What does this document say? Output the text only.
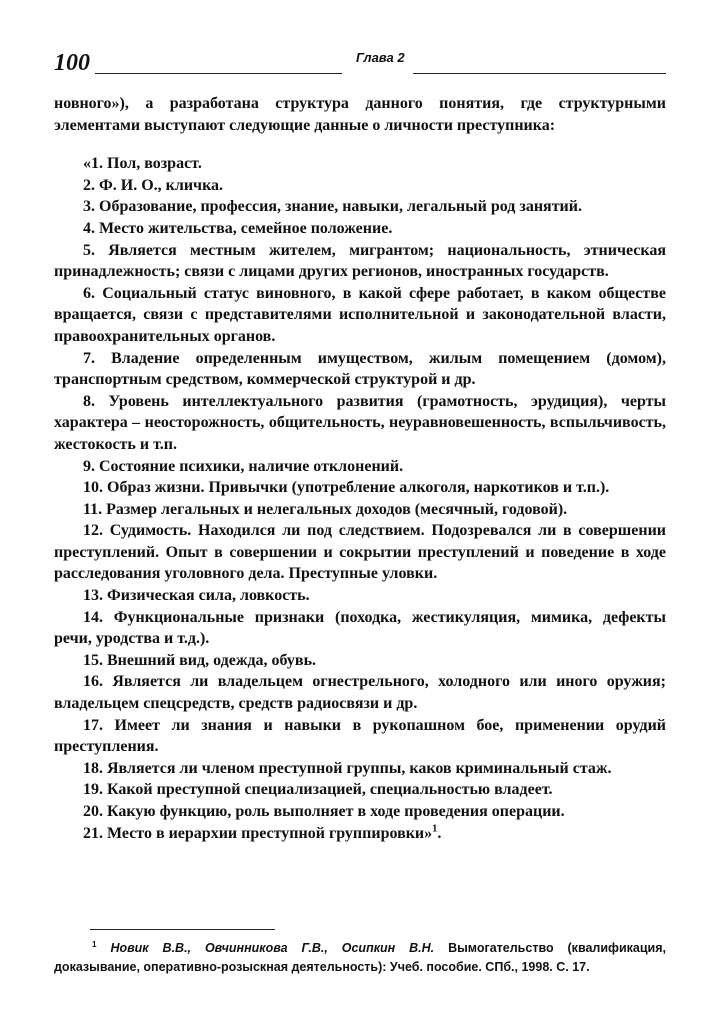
100	Глава 2

новного»), а разработана структура данного понятия, где структурными элементами выступают следующие данные о личности преступника:

«1. Пол, возраст.

2. Ф. И. О., кличка.

3. Образование, профессия, знание, навыки, легальный род занятий.

4. Место жительства, семейное положение.

5. Является местным жителем, мигрантом; национальность, этническая принадлежность; связи с лицами других регионов, иностранных государств.

6. Социальный статус виновного, в какой сфере работает, в каком обществе вращается, связи с представителями исполнительной и законодательной власти, правоохранительных органов.

7. Владение определенным имуществом, жилым помещением (домом), транспортным средством, коммерческой структурой и др.

8. Уровень интеллектуального развития (грамотность, эрудиция), черты характера – неосторожность, общительность, неуравновешенность, вспыльчивость, жестокость и т.п.

9. Состояние психики, наличие отклонений.

10. Образ жизни. Привычки (употребление алкоголя, наркотиков и т.п.).

11. Размер легальных и нелегальных доходов (месячный, годовой).

12. Судимость. Находился ли под следствием. Подозревался ли в совершении преступлений. Опыт в совершении и сокрытии преступлений и поведение в ходе расследования уголовного дела. Преступные уловки.

13. Физическая сила, ловкость.

14. Функциональные признаки (походка, жестикуляция, мимика, дефекты речи, уродства и т.д.).

15. Внешний вид, одежда, обувь.

16. Является ли владельцем огнестрельного, холодного или иного оружия; владельцем спецсредств, средств радиосвязи и др.

17. Имеет ли знания и навыки в рукопашном бое, применении орудий преступления.

18. Является ли членом преступной группы, каков криминальный стаж.

19. Какой преступной специализацией, специальностью владеет.

20. Какую функцию, роль выполняет в ходе проведения операции.

21. Место в иерархии преступной группировки»$^1$.

$^1$ Новик В.В., Овчинникова Г.В., Осипкин В.Н. Вымогательство (квалификация, доказывание, оперативно-розыскная деятельность): Учеб. пособие. СПб., 1998. С. 17.
